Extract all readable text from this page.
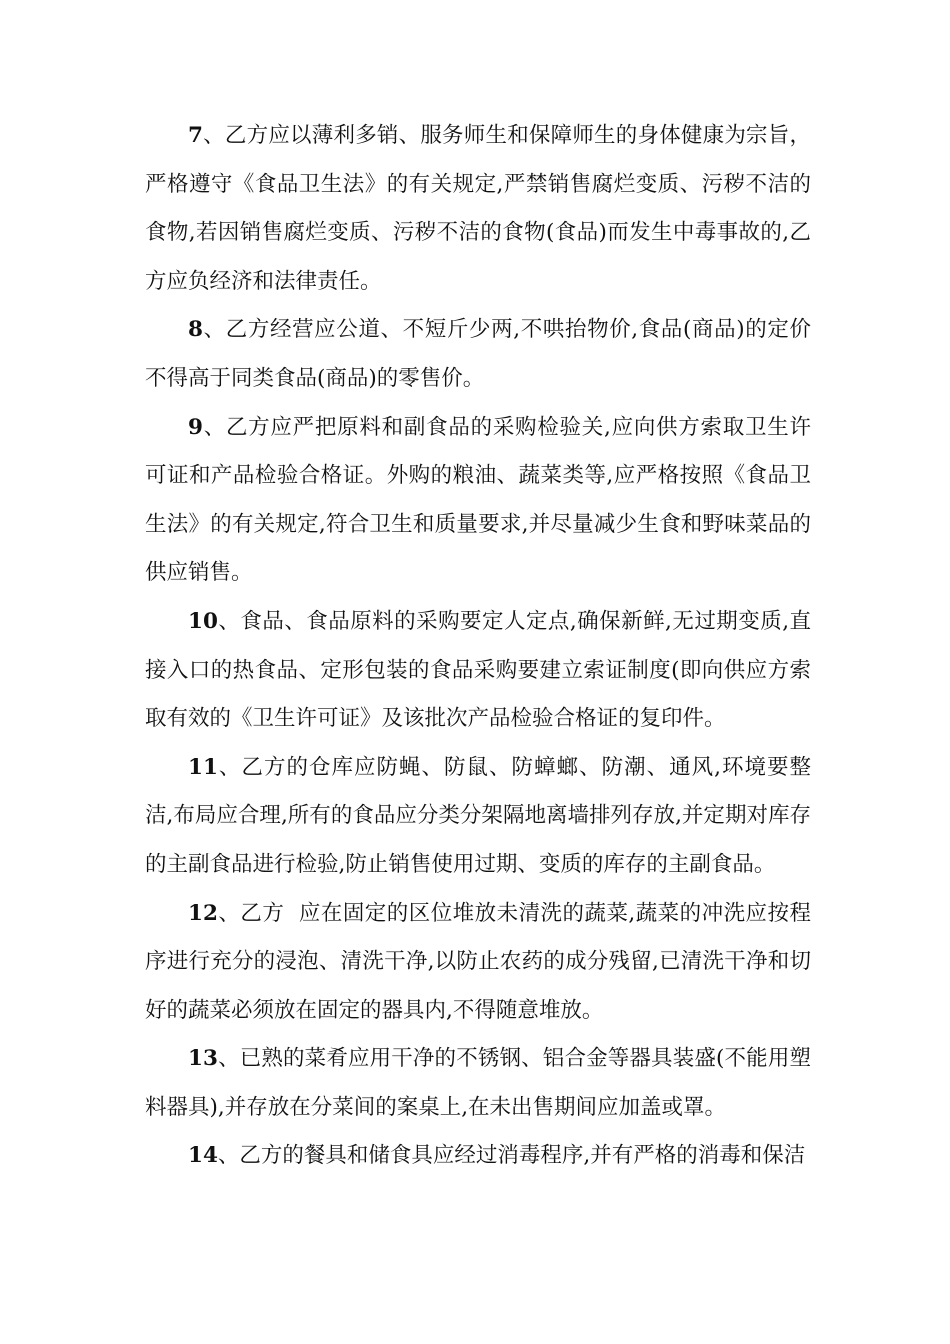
7、乙方应以薄利多销、服务师生和保障师生的身体健康为宗旨，严格遵守《食品卫生法》的有关规定,严禁销售腐烂变质、污秽不洁的食物,若因销售腐烂变质、污秽不洁的食物(食品)而发生中毒事故的,乙方应负经济和法律责任。

8、乙方经营应公道、不短斤少两,不哄抬物价,食品(商品)的定价不得高于同类食品(商品)的零售价。

9、乙方应严把原料和副食品的采购检验关,应向供方索取卫生许可证和产品检验合格证。外购的粮油、蔬菜类等,应严格按照《食品卫生法》的有关规定,符合卫生和质量要求,并尽量减少生食和野味菜品的供应销售。

10、食品、食品原料的采购要定人定点,确保新鲜,无过期变质,直接入口的热食品、定形包装的食品采购要建立索证制度(即向供应方索取有效的《卫生许可证》及该批次产品检验合格证的复印件。

11、乙方的仓库应防蝇、防鼠、防蟑螂、防潮、通风,环境要整洁,布局应合理,所有的食品应分类分架隔地离墙排列存放,并定期对库存的主副食品进行检验,防止销售使用过期、变质的库存的主副食品。

12、乙方  应在固定的区位堆放未清洗的蔬菜,蔬菜的冲洗应按程序进行充分的浸泡、清洗干净,以防止农药的成分残留,已清洗干净和切好的蔬菜必须放在固定的器具内,不得随意堆放。

13、已熟的菜肴应用干净的不锈钢、铝合金等器具装盛(不能用塑料器具),并存放在分菜间的案桌上,在未出售期间应加盖或罩。

14、乙方的餐具和储食具应经过消毒程序,并有严格的消毒和保洁
